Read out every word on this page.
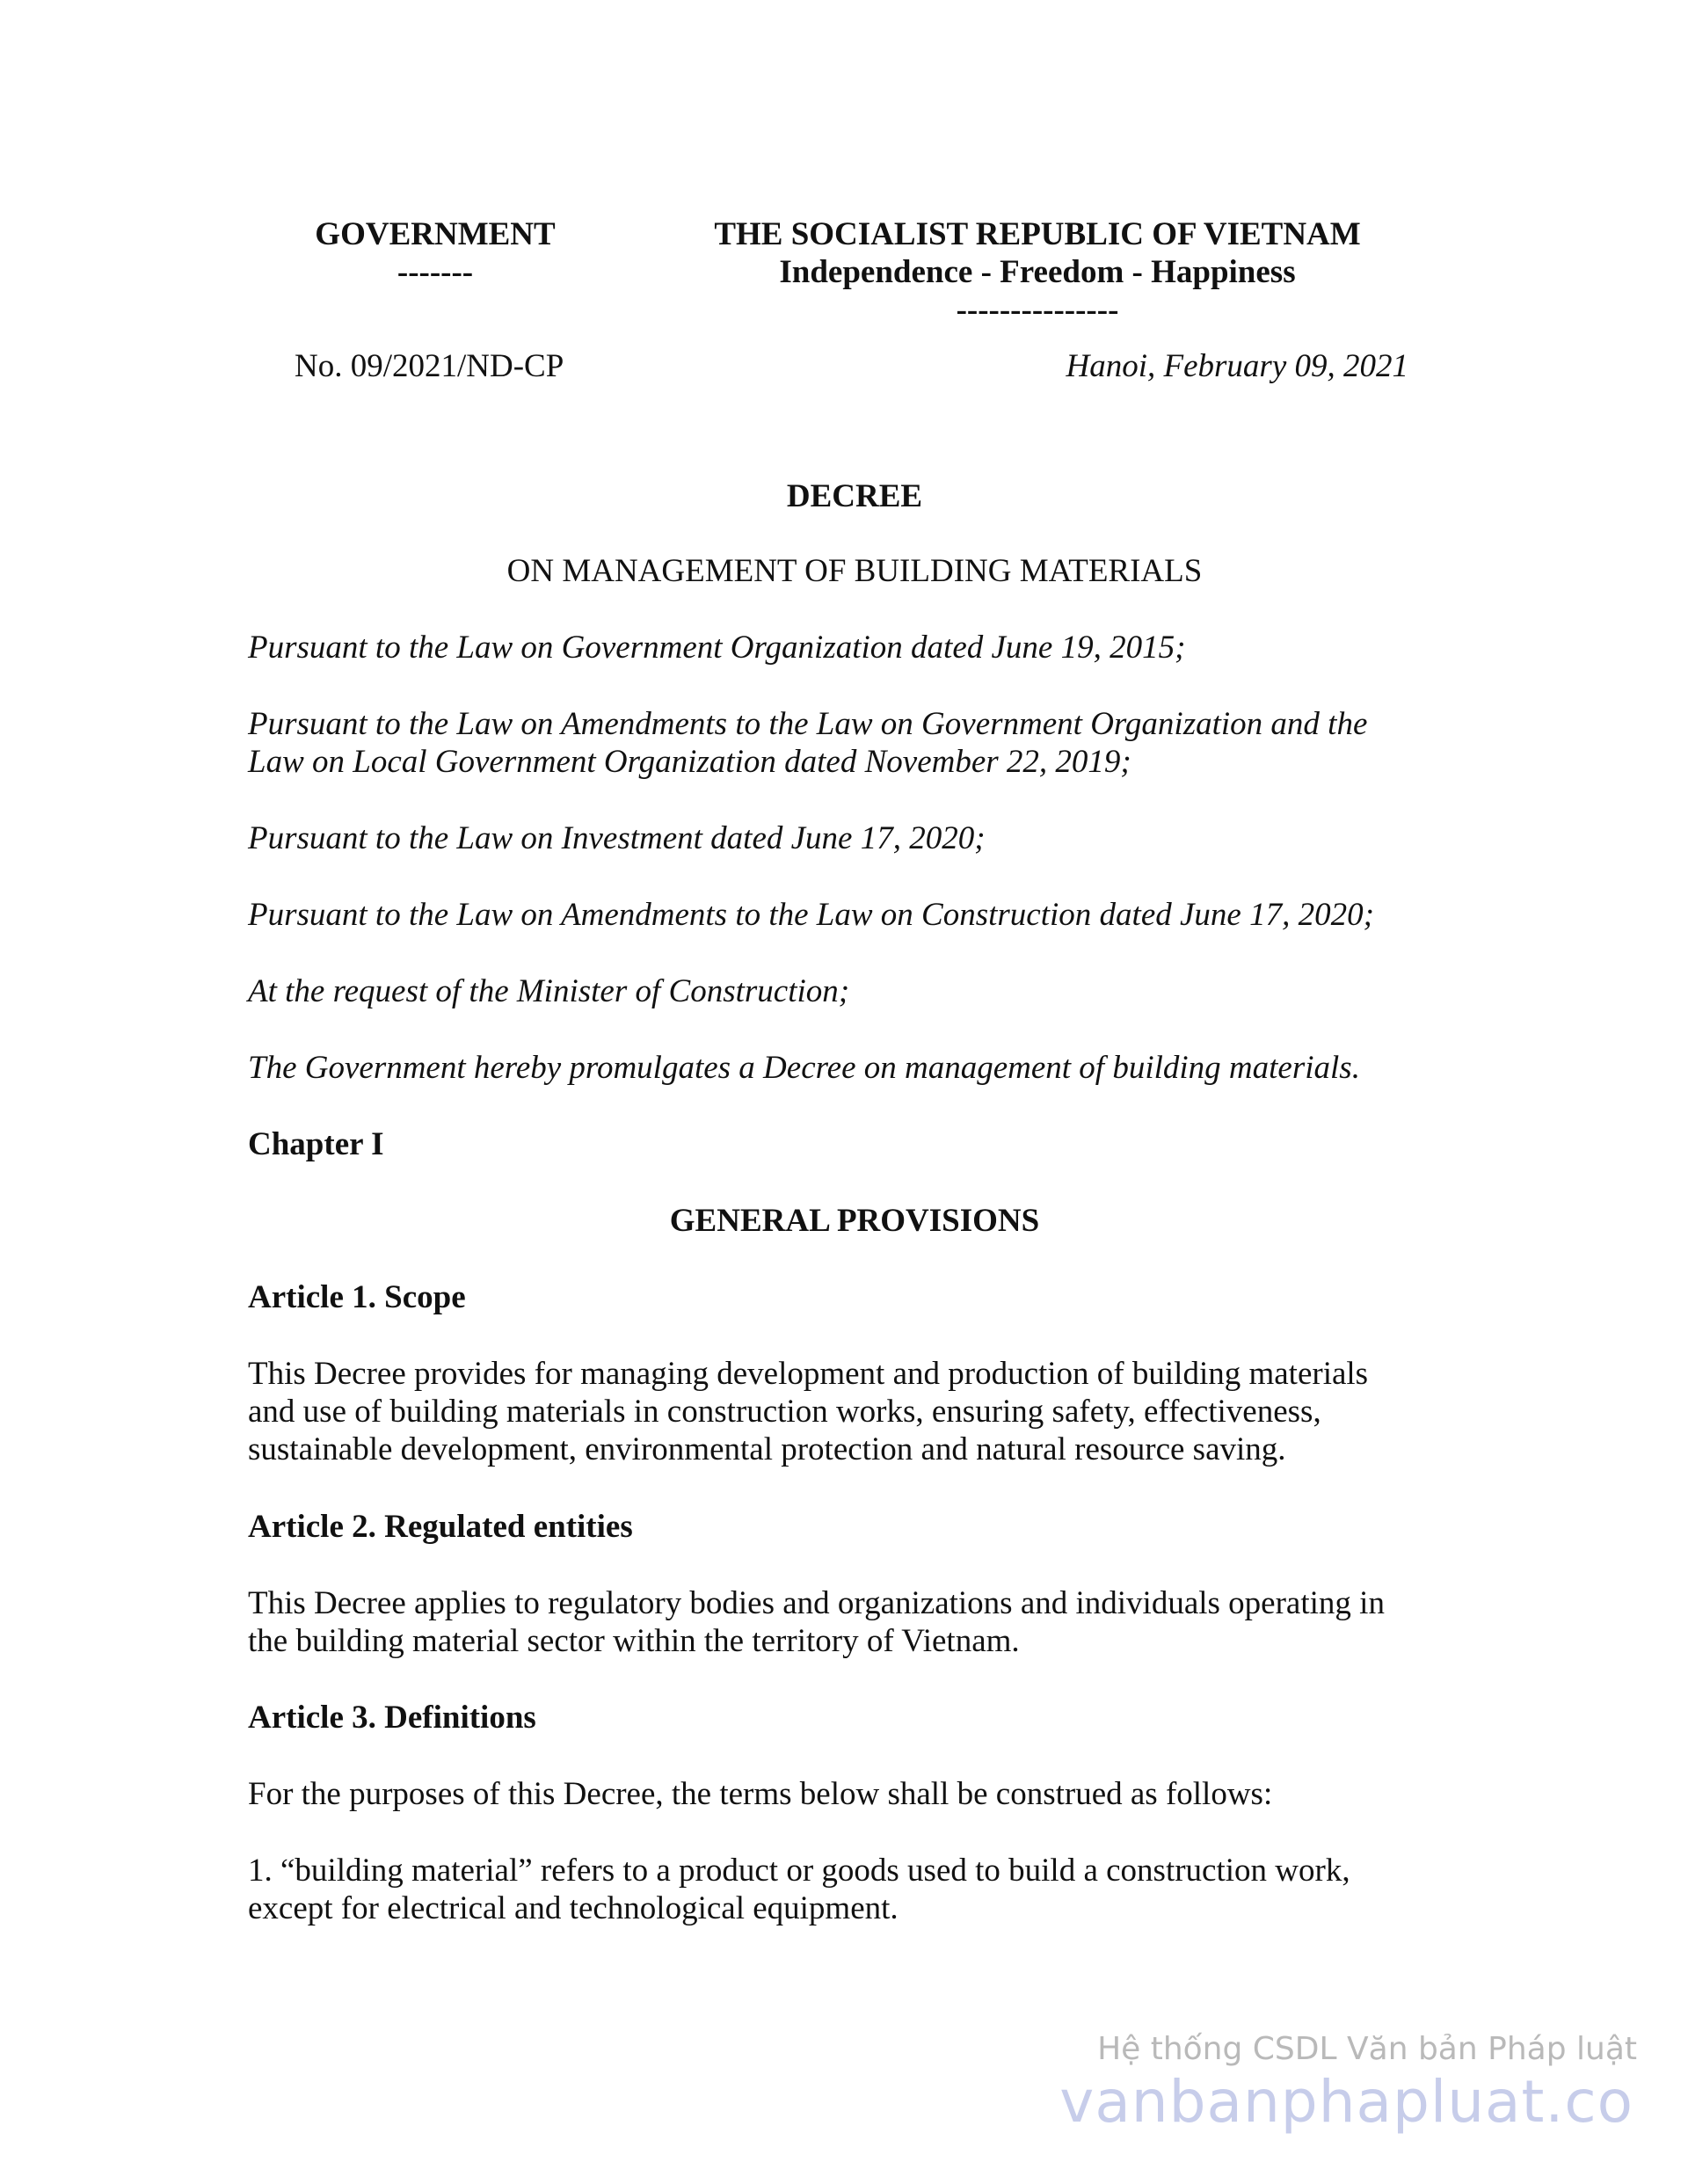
GOVERNMENT
-------
THE SOCIALIST REPUBLIC OF VIETNAM
Independence - Freedom - Happiness
---------------
No. 09/2021/ND-CP	Hanoi, February 09, 2021
DECREE
ON MANAGEMENT OF BUILDING MATERIALS
Pursuant to the Law on Government Organization dated June 19, 2015;
Pursuant to the Law on Amendments to the Law on Government Organization and the
Law on Local Government Organization dated November 22, 2019;
Pursuant to the Law on Investment dated June 17, 2020;
Pursuant to the Law on Amendments to the Law on Construction dated June 17, 2020;
At the request of the Minister of Construction;
The Government hereby promulgates a Decree on management of building materials.
Chapter I
GENERAL PROVISIONS
Article 1. Scope
This Decree provides for managing development and production of building materials
and use of building materials in construction works, ensuring safety, effectiveness,
sustainable development, environmental protection and natural resource saving.
Article 2. Regulated entities
This Decree applies to regulatory bodies and organizations and individuals operating in
the building material sector within the territory of Vietnam.
Article 3. Definitions
For the purposes of this Decree, the terms below shall be construed as follows:
1. “building material” refers to a product or goods used to build a construction work,
except for electrical and technological equipment.
Hệ thống CSDL Văn bản Pháp luật
vanbanphapluat.co
